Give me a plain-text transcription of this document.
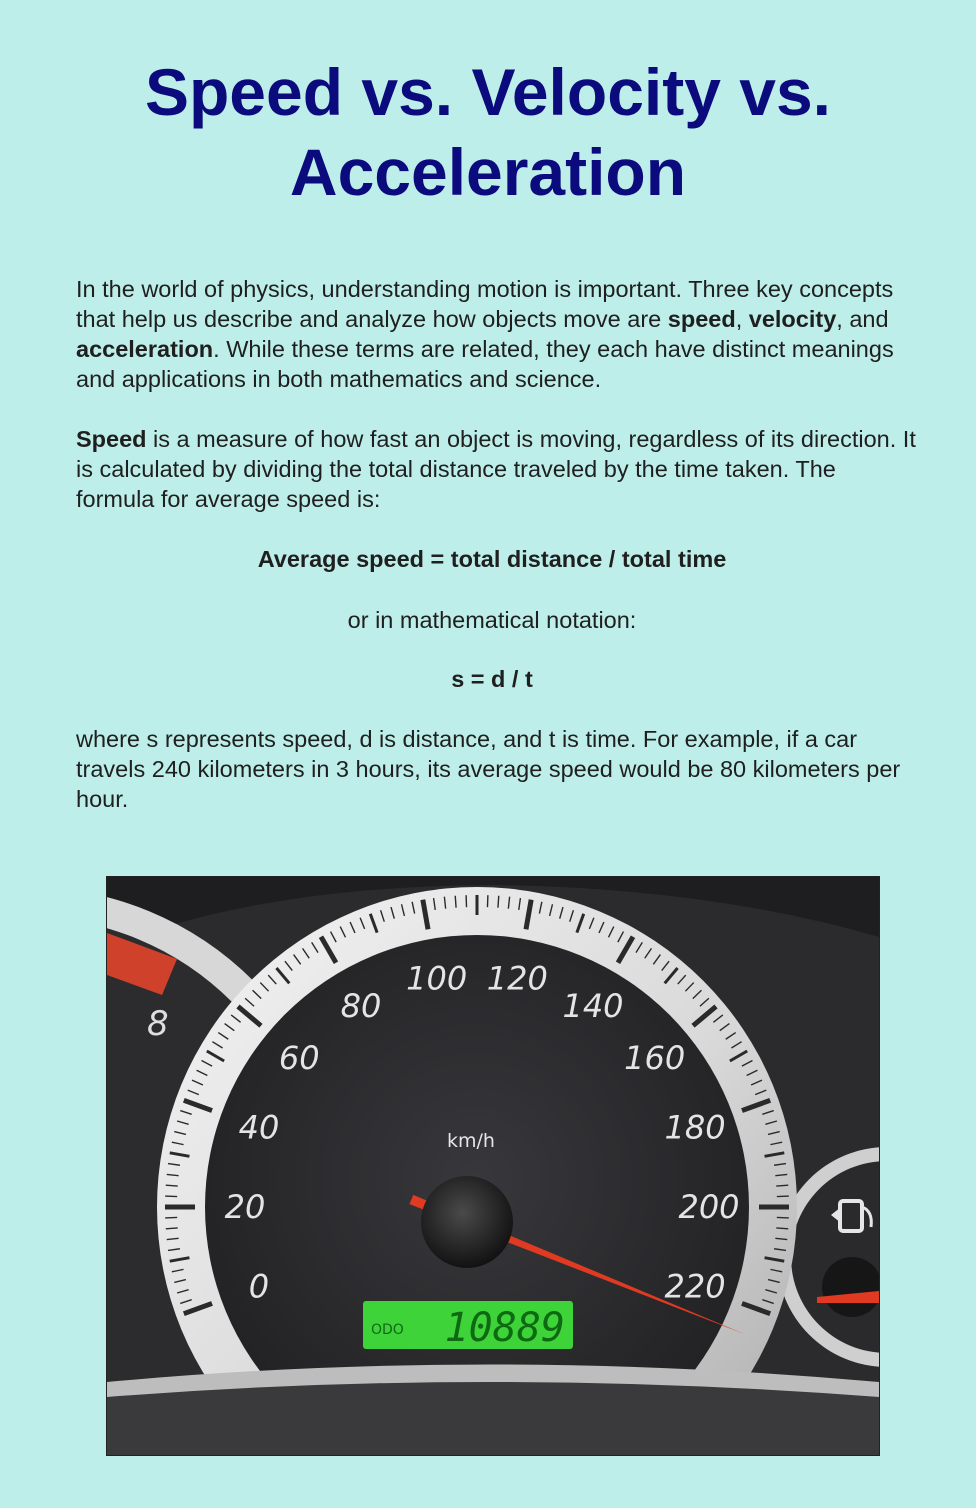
Speed vs. Velocity vs.
Acceleration

In the world of physics, understanding motion is important. Three key concepts that help us describe and analyze how objects move are speed, velocity, and acceleration. While these terms are related, they each have distinct meanings and applications in both mathematics and science.

Speed is a measure of how fast an object is moving, regardless of its direction. It is calculated by dividing the total distance traveled by the time taken. The formula for average speed is:

Average speed = total distance / total time

or in mathematical notation:

s = d / t

where s represents speed, d is distance, and t is time. For example, if a car travels 240 kilometers in 3 hours, its average speed would be 80 kilometers per hour.

8
0
20
40
60
80
100 120
140
160
180
200
220
km/h
ODO 10889
